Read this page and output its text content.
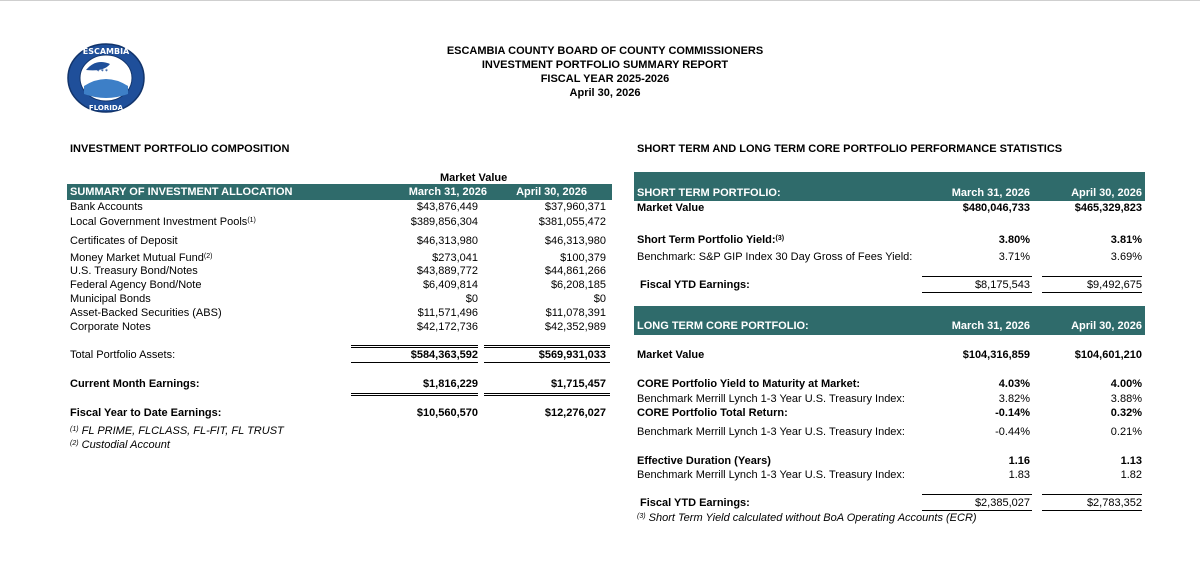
✶✶✶
ESCAMBIA
FLORIDA
ESCAMBIA COUNTY BOARD OF COUNTY COMMISSIONERS
INVESTMENT PORTFOLIO SUMMARY REPORT
FISCAL YEAR 2025-2026
April 30, 2026
INVESTMENT PORTFOLIO COMPOSITION
Market Value
SUMMARY OF INVESTMENT ALLOCATION	March 31, 2026	April 30, 2026
Bank Accounts	$43,876,449	$37,960,371
Local Government Investment Pools$^{(1)}$	$389,856,304	$381,055,472
Certificates of Deposit	$46,313,980	$46,313,980
Money Market Mutual Fund$^{(2)}$	$273,041	$100,379
U.S. Treasury Bond/Notes	$43,889,772	$44,861,266
Federal Agency Bond/Note	$6,409,814	$6,208,185
Municipal Bonds	$0	$0
Asset-Backed Securities (ABS)	$11,571,496	$11,078,391
Corporate Notes	$42,172,736	$42,352,989
Total Portfolio Assets:	$584,363,592	$569,931,033
Current Month Earnings:	$1,816,229	$1,715,457
Fiscal Year to Date Earnings:	$10,560,570	$12,276,027
$^{(1)}$ FL PRIME, FLCLASS, FL-FIT, FL TRUST
$^{(2)}$ Custodial Account
SHORT TERM AND LONG TERM CORE PORTFOLIO PERFORMANCE STATISTICS
SHORT TERM PORTFOLIO:	March 31, 2026	April 30, 2026
Market Value	$480,046,733	$465,329,823
Short Term Portfolio Yield:$^{(3)}$	3.80%	3.81%
Benchmark: S&P GIP Index 30 Day Gross of Fees Yield:	3.71%	3.69%
Fiscal YTD Earnings:	$8,175,543	$9,492,675
LONG TERM CORE PORTFOLIO:	March 31, 2026	April 30, 2026
Market Value	$104,316,859	$104,601,210
CORE Portfolio Yield to Maturity at Market:	4.03%	4.00%
Benchmark Merrill Lynch 1-3 Year U.S. Treasury Index:	3.82%	3.88%
CORE Portfolio Total Return:	-0.14%	0.32%
Benchmark Merrill Lynch 1-3 Year U.S. Treasury Index:	-0.44%	0.21%
Effective Duration (Years)	1.16	1.13
Benchmark Merrill Lynch 1-3 Year U.S. Treasury Index:	1.83	1.82
Fiscal YTD Earnings:	$2,385,027	$2,783,352
$^{(3)}$ Short Term Yield calculated without BoA Operating Accounts (ECR)
